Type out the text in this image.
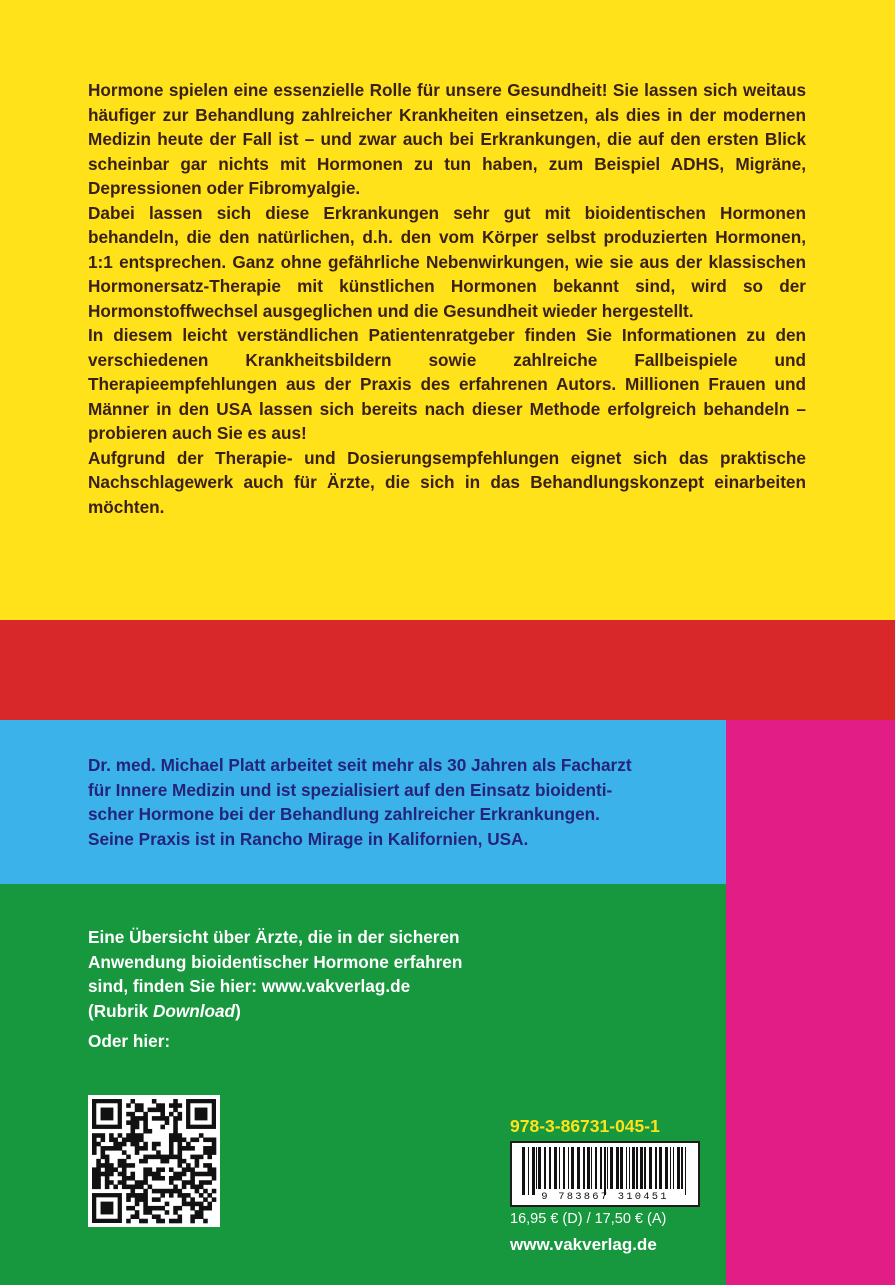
Hormone spielen eine essenzielle Rolle für unsere Gesundheit! Sie lassen sich weitaus häufiger zur Behandlung zahlreicher Krankheiten einsetzen, als dies in der modernen Medizin heute der Fall ist – und zwar auch bei Erkrankungen, die auf den ersten Blick scheinbar gar nichts mit Hormonen zu tun haben, zum Beispiel ADHS, Migräne, Depressionen oder Fibromyalgie.

Dabei lassen sich diese Erkrankungen sehr gut mit bioidentischen Hormonen behandeln, die den natürlichen, d.h. den vom Körper selbst produzierten Hormonen, 1:1 entsprechen. Ganz ohne gefährliche Nebenwirkungen, wie sie aus der klassischen Hormonersatz-Therapie mit künstlichen Hormonen bekannt sind, wird so der Hormonstoffwechsel ausgeglichen und die Gesundheit wieder hergestellt.

In diesem leicht verständlichen Patientenratgeber finden Sie Informationen zu den verschiedenen Krankheitsbildern sowie zahlreiche Fallbeispiele und Therapieempfehlungen aus der Praxis des erfahrenen Autors. Millionen Frauen und Männer in den USA lassen sich bereits nach dieser Methode erfolgreich behandeln – probieren auch Sie es aus!

Aufgrund der Therapie- und Dosierungsempfehlungen eignet sich das praktische Nachschlagewerk auch für Ärzte, die sich in das Behandlungskonzept einarbeiten möchten.

Dr. med. Michael Platt arbeitet seit mehr als 30 Jahren als Facharzt
für Innere Medizin und ist spezialisiert auf den Einsatz bioidenti-
scher Hormone bei der Behandlung zahlreicher Erkrankungen.
Seine Praxis ist in Rancho Mirage in Kalifornien, USA.
Eine Übersicht über Ärzte, die in der sicheren
Anwendung bioidentischer Hormone erfahren
sind, finden Sie hier: www.vakverlag.de
(Rubrik Download)
Oder hier:
978-3-86731-045-1
9 783867 310451
16,95 € (D) / 17,50 € (A)
www.vakverlag.de
